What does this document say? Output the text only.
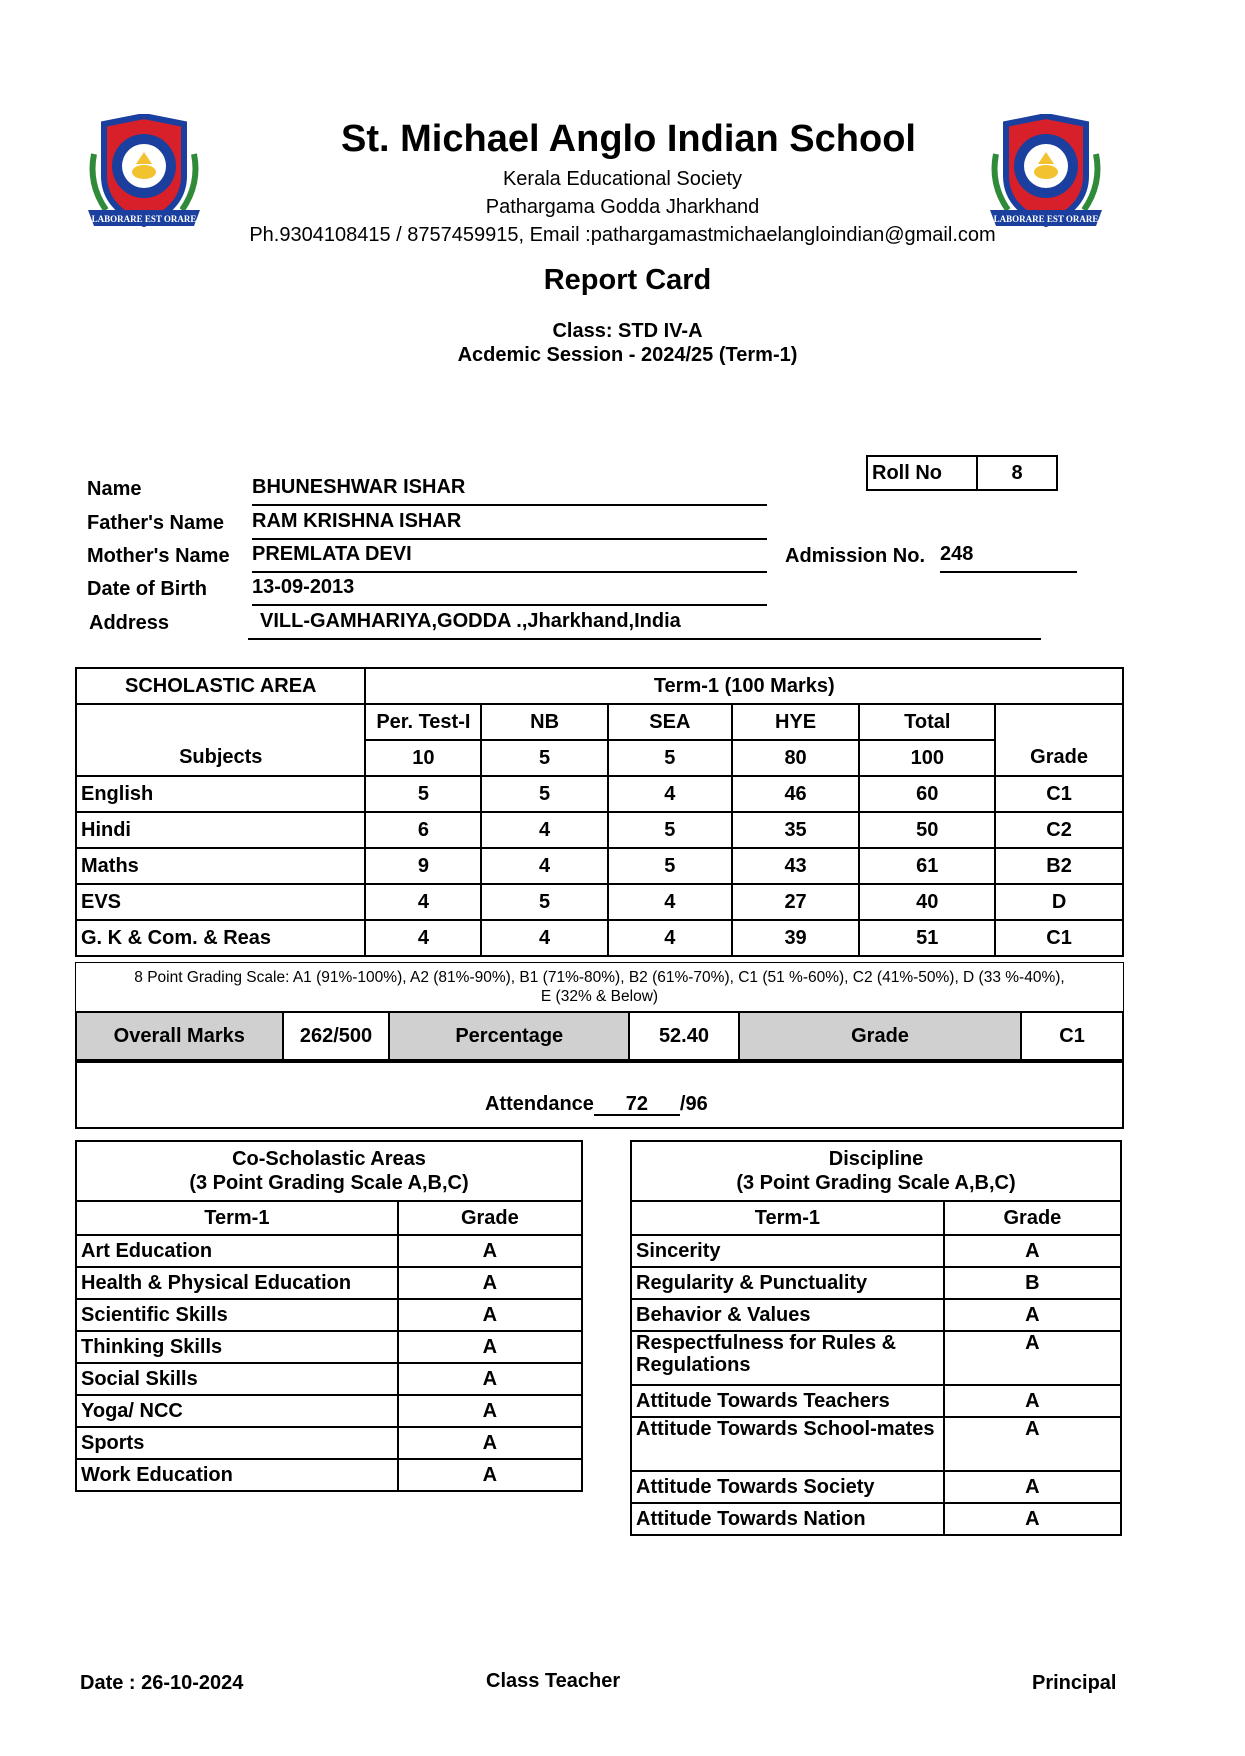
LABORARE EST ORARE	LABORARE EST ORARE
St. Michael Anglo Indian School
Kerala Educational Society
Pathargama Godda Jharkhand
Ph.9304108415 / 8757459915, Email :pathargamastmichaelangloindian@gmail.com
Report Card
Class: STD IV-A
Acdemic Session - 2024/25 (Term-1)
Roll No	8
Name	BHUNESHWAR ISHAR
Father's Name RAM KRISHNA ISHAR
Mother's Name PREMLATA DEVI	Admission No. 248
Date of Birth 13-09-2013
Address	VILL-GAMHARIYA,GODDA .,Jharkhand,India
SCHOLASTIC AREA	Term-1 (100 Marks)					
Subjects	Per. Test-I	NB	SEA	HYE	Total	Grade
	10	5	5	80	100	
English	5	5	4	46	60	C1
Hindi	6	4	5	35	50	C2
Maths	9	4	5	43	61	B2
EVS	4	5	4	27	40	D
G. K & Com. & Reas	4	4	4	39	51	C1
8 Point Grading Scale: A1 (91%-100%), A2 (81%-90%), B1 (71%-80%), B2 (61%-70%), C1 (51 %-60%), C2 (41%-50%), D (33 %-40%),
E (32% & Below)
Overall Marks	262/500	Percentage	52.40	Grade	C1
Attendance 72 /96
Co-Scholastic Areas
(3 Point Grading Scale A,B,C)	

Term-1	Grade
Art Education	A
Health & Physical Education	A
Scientific Skills	A
Thinking Skills	A
Social Skills	A
Yoga/ NCC	A
Sports	A
Work Education	A
Discipline
(3 Point Grading Scale A,B,C)	

Term-1	Grade
Sincerity	A
Regularity & Punctuality	B
Behavior & Values	A
Respectfulness for Rules & Regulations	A
Attitude Towards Teachers	A
Attitude Towards School-mates	A
Attitude Towards Society	A
Attitude Towards Nation	A
Date : 26-10-2024	Class Teacher	Principal
